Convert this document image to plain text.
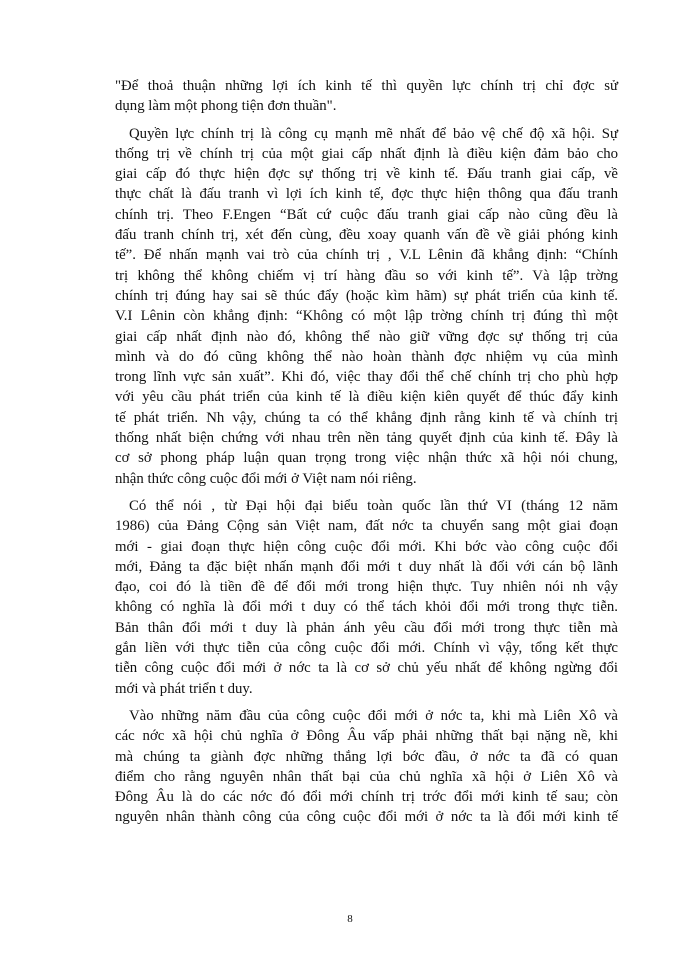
"Để thoả thuận những lợi ích kinh tế thì quyền lực chính trị chỉ đợc sử
dụng làm một phong tiện đơn thuần".
Quyền lực chính trị là công cụ mạnh mẽ nhất để bảo vệ chế độ xã hội. Sự
thống trị về chính trị của một giai cấp nhất định là điều kiện đảm bảo cho
giai cấp đó thực hiện đợc sự thống trị về kinh tế. Đấu tranh giai cấp, về
thực chất là đấu tranh vì lợi ích kinh tế, đợc thực hiện thông qua đấu tranh
chính trị. Theo F.Engen “Bất cứ cuộc đấu tranh giai cấp nào cũng đều là
đấu tranh chính trị, xét đến cùng, đều xoay quanh vấn đề về giải phóng kinh
tế”. Để nhấn mạnh vai trò của chính trị , V.L Lênin đã khẳng định: “Chính
trị không thể không chiếm vị trí hàng đầu so với kinh tế”. Và lập trờng
chính trị đúng hay sai sẽ thúc đẩy (hoặc kìm hãm) sự phát triển của kinh tế.
V.I Lênin còn khẳng định: “Không có một lập trờng chính trị đúng thì một
giai cấp nhất định nào đó, không thể nào giữ vững đợc sự thống trị của
mình và do đó cũng không thể nào hoàn thành đợc nhiệm vụ của mình
trong lĩnh vực sản xuất”. Khi đó, việc thay đổi thể chế chính trị cho phù hợp
với yêu cầu phát triển của kinh tế là điều kiện kiên quyết để thúc đẩy kinh
tế phát triển. Nh vậy, chúng ta có thể khẳng định rằng kinh tế và chính trị
thống nhất biện chứng với nhau trên nền tảng quyết định của kinh tế. Đây là
cơ sở phong pháp luận quan trọng trong việc nhận thức xã hội nói chung,
nhận thức công cuộc đổi mới ở Việt nam nói riêng.
Có thể nói , từ Đại hội đại biểu toàn quốc lần thứ VI (tháng 12 năm
1986) của Đảng Cộng sản Việt nam, đất nớc ta chuyển sang một giai đoạn
mới - giai đoạn thực hiện công cuộc đổi mới. Khi bớc vào công cuộc đổi
mới, Đảng ta đặc biệt nhấn mạnh đổi mới t duy nhất là đối với cán bộ lãnh
đạo, coi đó là tiền đề để đổi mới trong hiện thực. Tuy nhiên nói nh vậy
không có nghĩa là đổi mới t duy có thể tách khỏi đổi mới trong thực tiễn.
Bản thân đổi mới t duy là phản ánh yêu cầu đổi mới trong thực tiễn mà
gắn liền với thực tiễn của công cuộc đổi mới. Chính vì vậy, tổng kết thực
tiễn công cuộc đổi mới ở nớc ta là cơ sở chủ yếu nhất để không ngừng đổi
mới và phát triển t duy.
Vào những năm đầu của công cuộc đổi mới ở nớc ta, khi mà Liên Xô và
các nớc xã hội chủ nghĩa ở Đông Âu vấp phải những thất bại nặng nề, khi
mà chúng ta giành đợc những thắng lợi bớc đầu, ở nớc ta đã có quan
điểm cho rằng nguyên nhân thất bại của chủ nghĩa xã hội ở Liên Xô và
Đông Âu là do các nớc đó đổi mới chính trị trớc đổi mới kinh tế sau; còn
nguyên nhân thành công của công cuộc đổi mới ở nớc ta là đổi mới kinh tế
8
